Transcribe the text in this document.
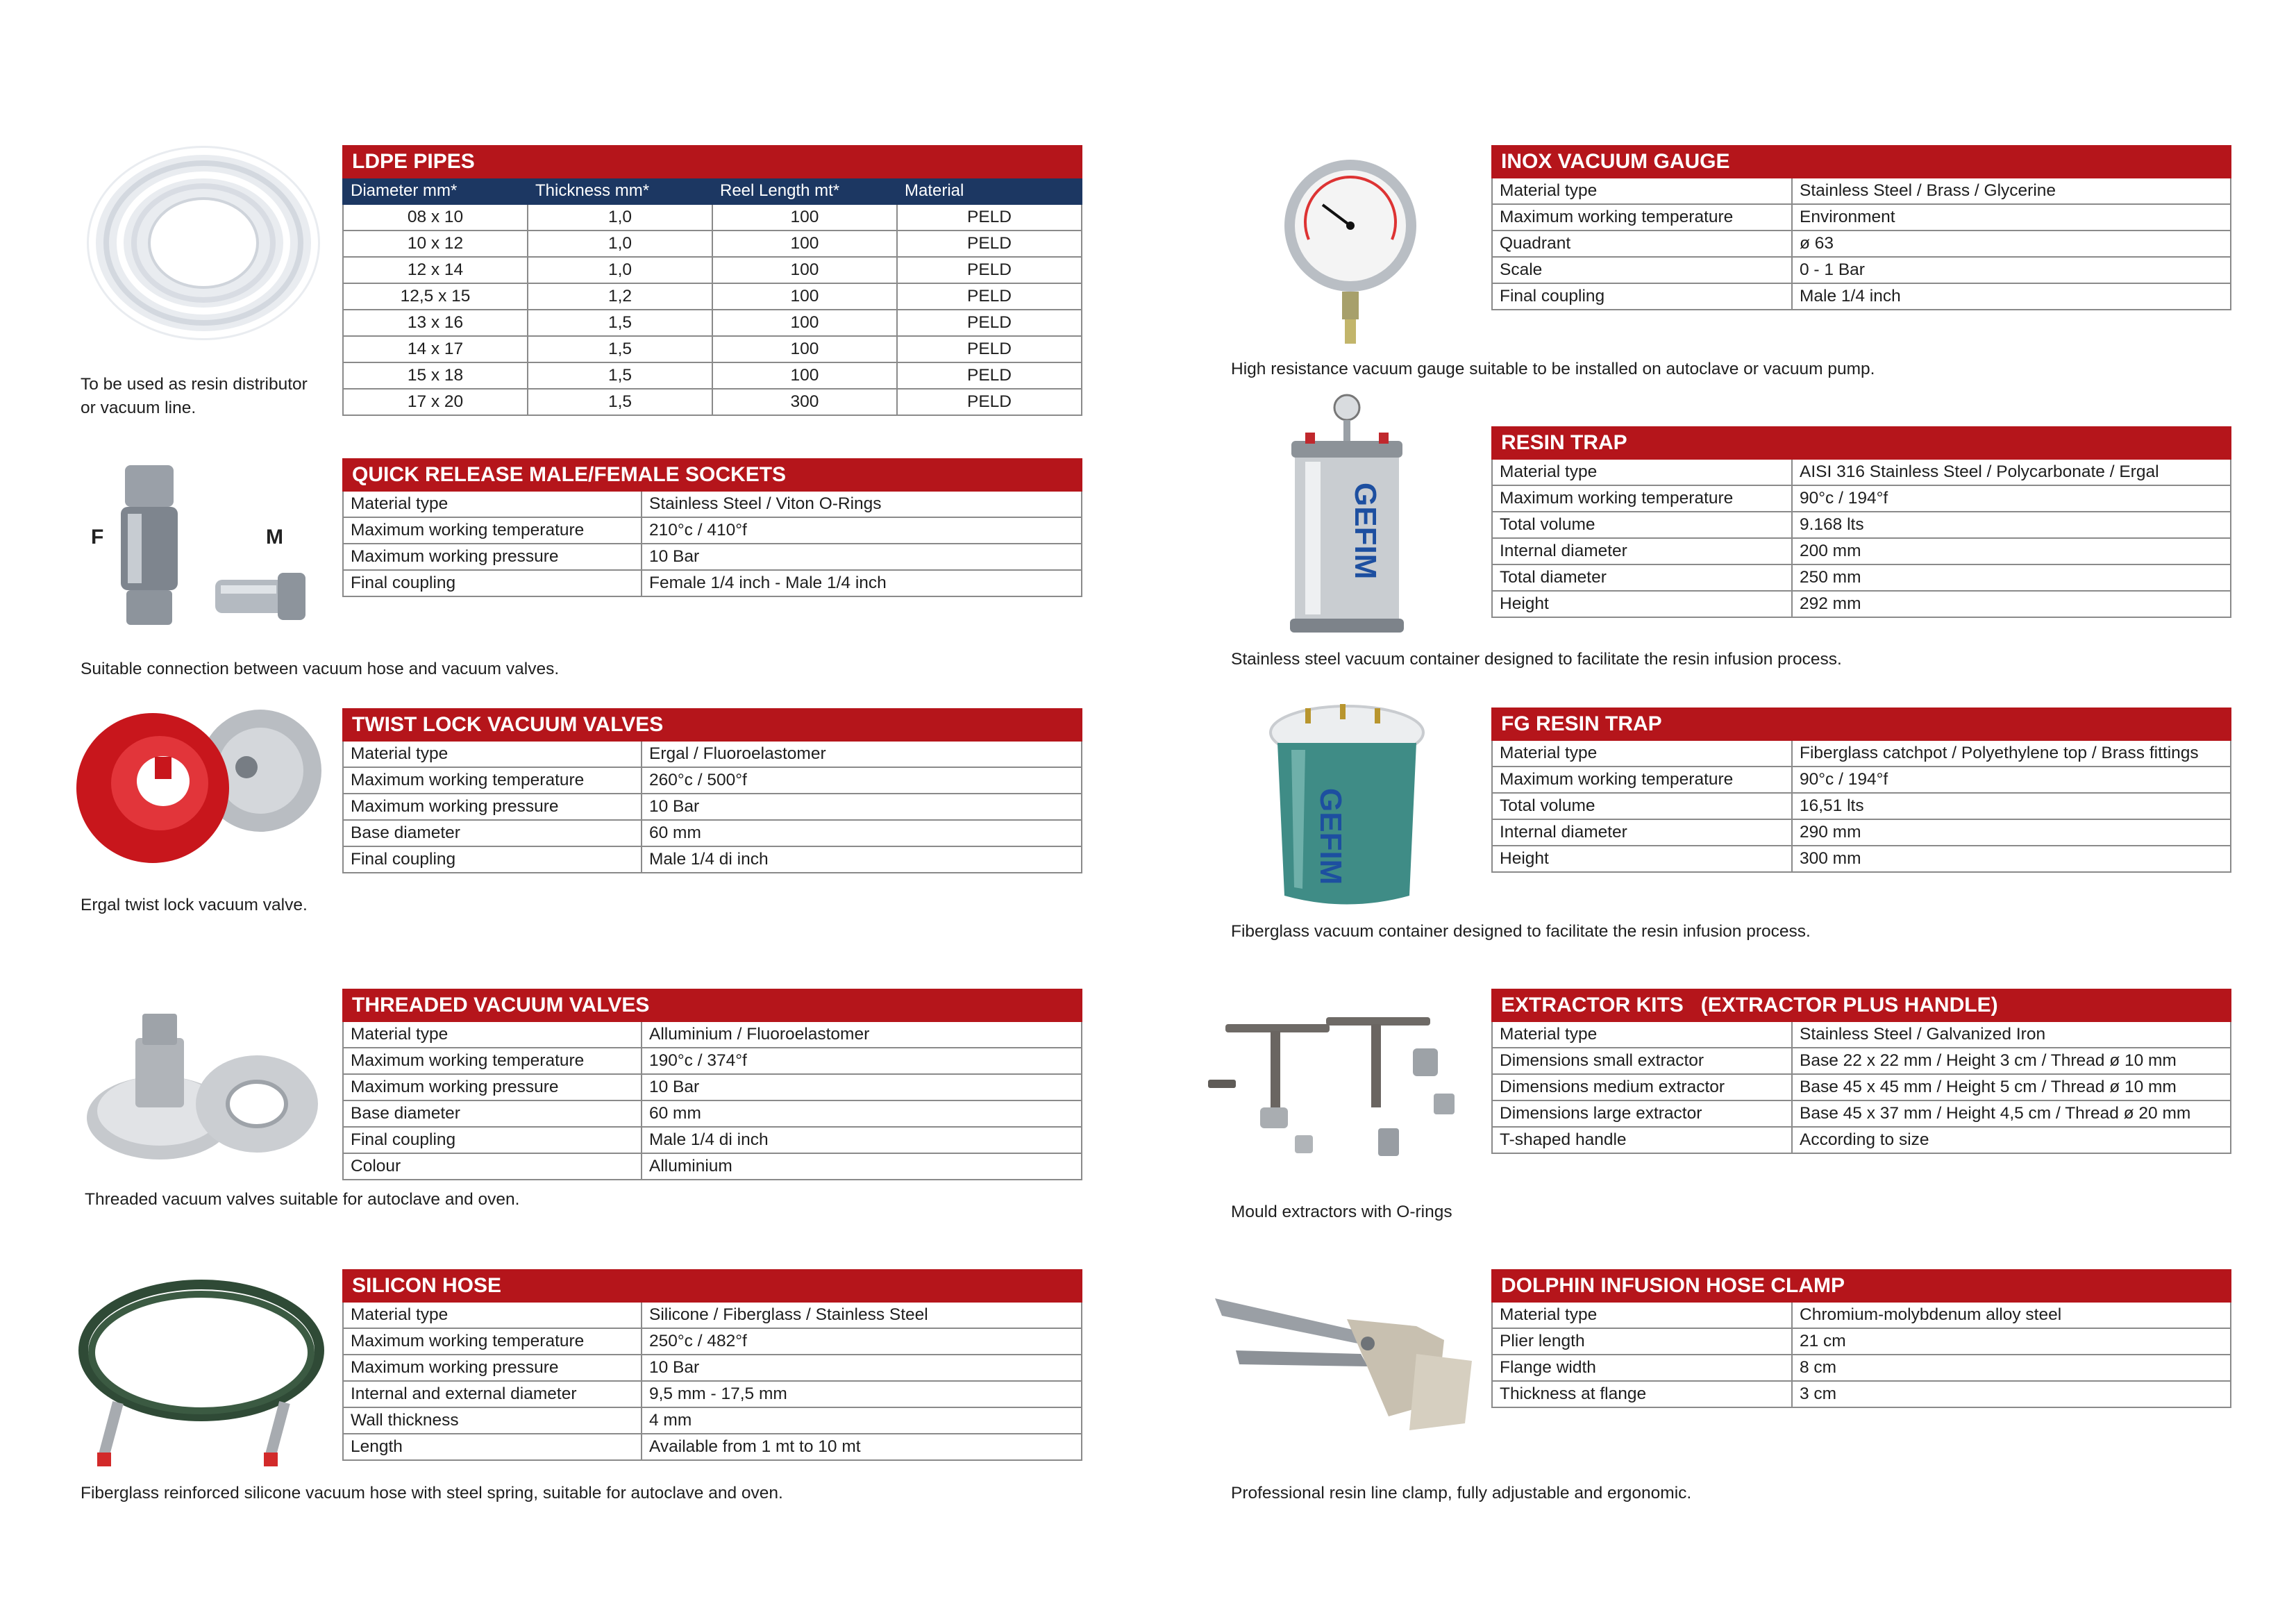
LDPE PIPES			
Diameter mm*	Thickness mm*	Reel Length mt*	Material
08 x 10	1,0	100	PELD
10 x 12	1,0	100	PELD
12 x 14	1,0	100	PELD
12,5 x 15	1,2	100	PELD
13 x 16	1,5	100	PELD
14 x 17	1,5	100	PELD
15 x 18	1,5	100	PELD
17 x 20	1,5	300	PELD
To be used as resin distributor
or vacuum line.
F	M
QUICK RELEASE MALE/FEMALE SOCKETS	
Material type	Stainless Steel / Viton O-Rings
Maximum working temperature	210°c / 410°f
Maximum working pressure	10 Bar
Final coupling	Female 1/4 inch - Male 1/4 inch
Suitable connection between vacuum hose and vacuum valves.
TWIST LOCK VACUUM VALVES	
Material type	Ergal / Fluoroelastomer
Maximum working temperature	260°c / 500°f
Maximum working pressure	10 Bar
Base diameter	60 mm
Final coupling	Male 1/4 di inch
Ergal twist lock vacuum valve.
THREADED VACUUM VALVES	
Material type	Alluminium / Fluoroelastomer
Maximum working temperature	190°c / 374°f
Maximum working pressure	10 Bar
Base diameter	60 mm
Final coupling	Male 1/4 di inch
Colour	Alluminium
Threaded vacuum valves suitable for autoclave and oven.
SILICON HOSE	
Material type	Silicone / Fiberglass / Stainless Steel
Maximum working temperature	250°c / 482°f
Maximum working pressure	10 Bar
Internal and external diameter	9,5 mm - 17,5 mm
Wall thickness	4 mm
Length	Available from 1 mt to 10 mt
Fiberglass reinforced silicone vacuum hose with steel spring, suitable for autoclave and oven.
INOX VACUUM GAUGE	
Material type	Stainless Steel / Brass / Glycerine
Maximum working temperature	Environment
Quadrant	ø 63
Scale	0 - 1 Bar
Final coupling	Male 1/4 inch
High resistance vacuum gauge suitable to be installed on autoclave or vacuum pump.
GEFIM
RESIN TRAP	
Material type	AISI 316 Stainless Steel / Polycarbonate / Ergal
Maximum working temperature	90°c / 194°f
Total volume	9.168 lts
Internal diameter	200 mm
Total diameter	250 mm
Height	292 mm
Stainless steel vacuum container designed to facilitate the resin infusion process.
GEFIM
FG RESIN TRAP	
Material type	Fiberglass catchpot / Polyethylene top / Brass fittings
Maximum working temperature	90°c / 194°f
Total volume	16,51 lts
Internal diameter	290 mm
Height	300 mm
Fiberglass vacuum container designed to facilitate the resin infusion process.
EXTRACTOR KITS   (EXTRACTOR PLUS HANDLE)	
Material type	Stainless Steel / Galvanized Iron
Dimensions small extractor	Base 22 x 22 mm / Height 3 cm / Thread ø 10 mm
Dimensions medium extractor	Base 45 x 45 mm / Height 5 cm / Thread ø 10 mm
Dimensions large extractor	Base 45 x 37 mm / Height 4,5 cm / Thread ø 20 mm
T-shaped handle	According to size
Mould extractors with O-rings
DOLPHIN INFUSION HOSE CLAMP	
Material type	Chromium-molybdenum alloy steel
Plier length	21 cm
Flange width	8 cm
Thickness at flange	3 cm
Professional resin line clamp, fully adjustable and ergonomic.
